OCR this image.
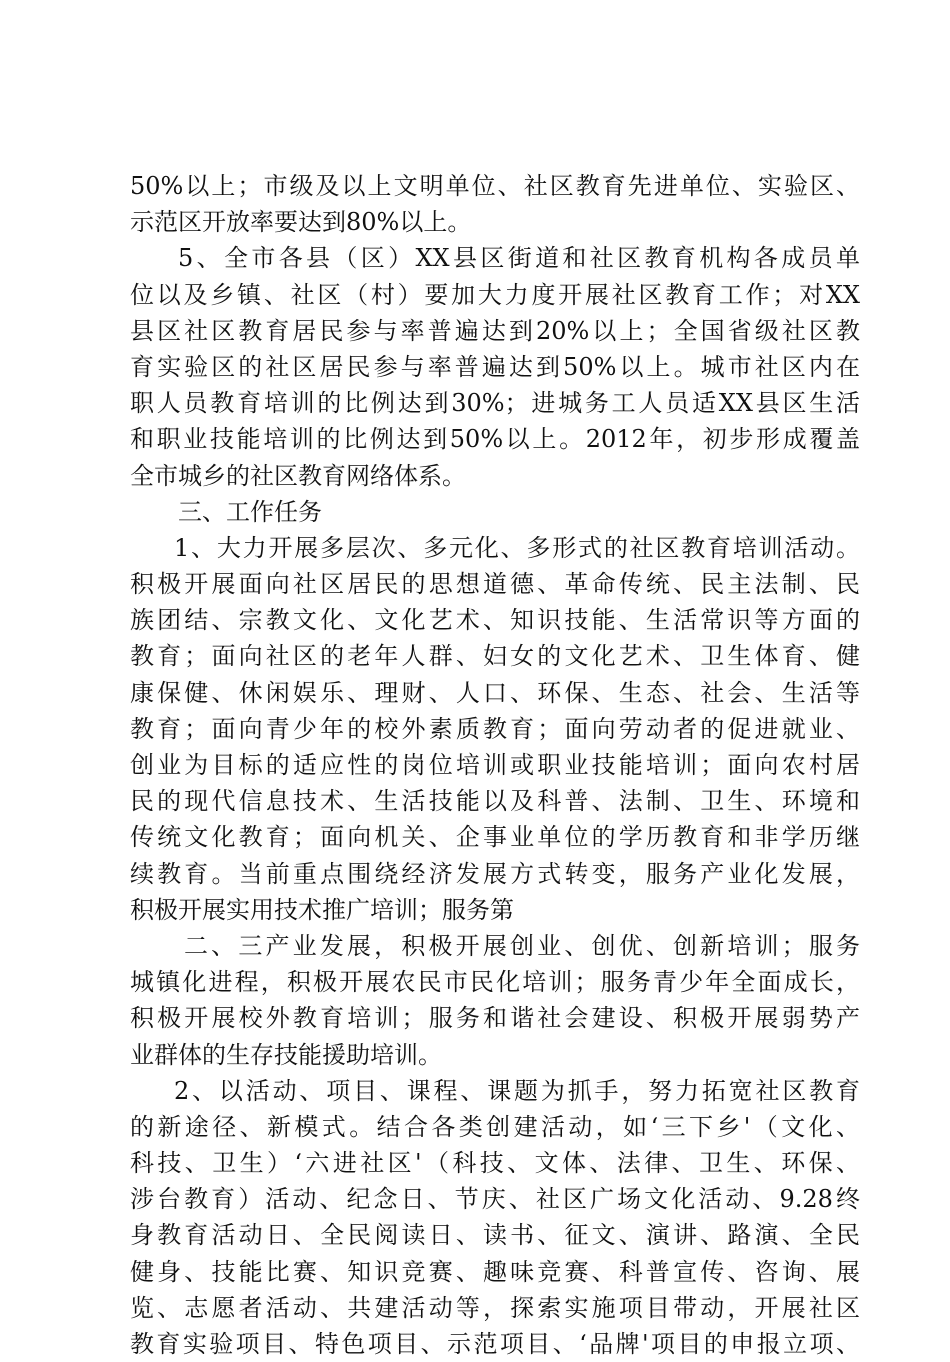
50%以上；市级及以上文明单位、社区教育先进单位、实验区、
示范区开放率要达到80%以上。
5、全市各县（区）XX县区街道和社区教育机构各成员单
位以及乡镇、社区（村）要加大力度开展社区教育工作；对XX
县区社区教育居民参与率普遍达到20%以上；全国省级社区教
育实验区的社区居民参与率普遍达到50%以上。城市社区内在
职人员教育培训的比例达到30%；进城务工人员适XX县区生活
和职业技能培训的比例达到50%以上。2012年，初步形成覆盖
全市城乡的社区教育网络体系。
三、工作任务
1、大力开展多层次、多元化、多形式的社区教育培训活动。
积极开展面向社区居民的思想道德、革命传统、民主法制、民
族团结、宗教文化、文化艺术、知识技能、生活常识等方面的
教育；面向社区的老年人群、妇女的文化艺术、卫生体育、健
康保健、休闲娱乐、理财、人口、环保、生态、社会、生活等
教育；面向青少年的校外素质教育；面向劳动者的促进就业、
创业为目标的适应性的岗位培训或职业技能培训；面向农村居
民的现代信息技术、生活技能以及科普、法制、卫生、环境和
传统文化教育；面向机关、企事业单位的学历教育和非学历继
续教育。当前重点围绕经济发展方式转变，服务产业化发展，
积极开展实用技术推广培训；服务第
二、三产业发展，积极开展创业、创优、创新培训；服务
城镇化进程，积极开展农民市民化培训；服务青少年全面成长，
积极开展校外教育培训；服务和谐社会建设、积极开展弱势产
业群体的生存技能援助培训。
2、以活动、项目、课程、课题为抓手，努力拓宽社区教育
的新途径、新模式。结合各类创建活动，如‘三下乡'（文化、
科技、卫生）‘六进社区'（科技、文体、法律、卫生、环保、
涉台教育）活动、纪念日、节庆、社区广场文化活动、9.28终
身教育活动日、全民阅读日、读书、征文、演讲、路演、全民
健身、技能比赛、知识竞赛、趣味竞赛、科普宣传、咨询、展
览、志愿者活动、共建活动等，探索实施项目带动，开展社区
教育实验项目、特色项目、示范项目、‘品牌'项目的申报立项、
